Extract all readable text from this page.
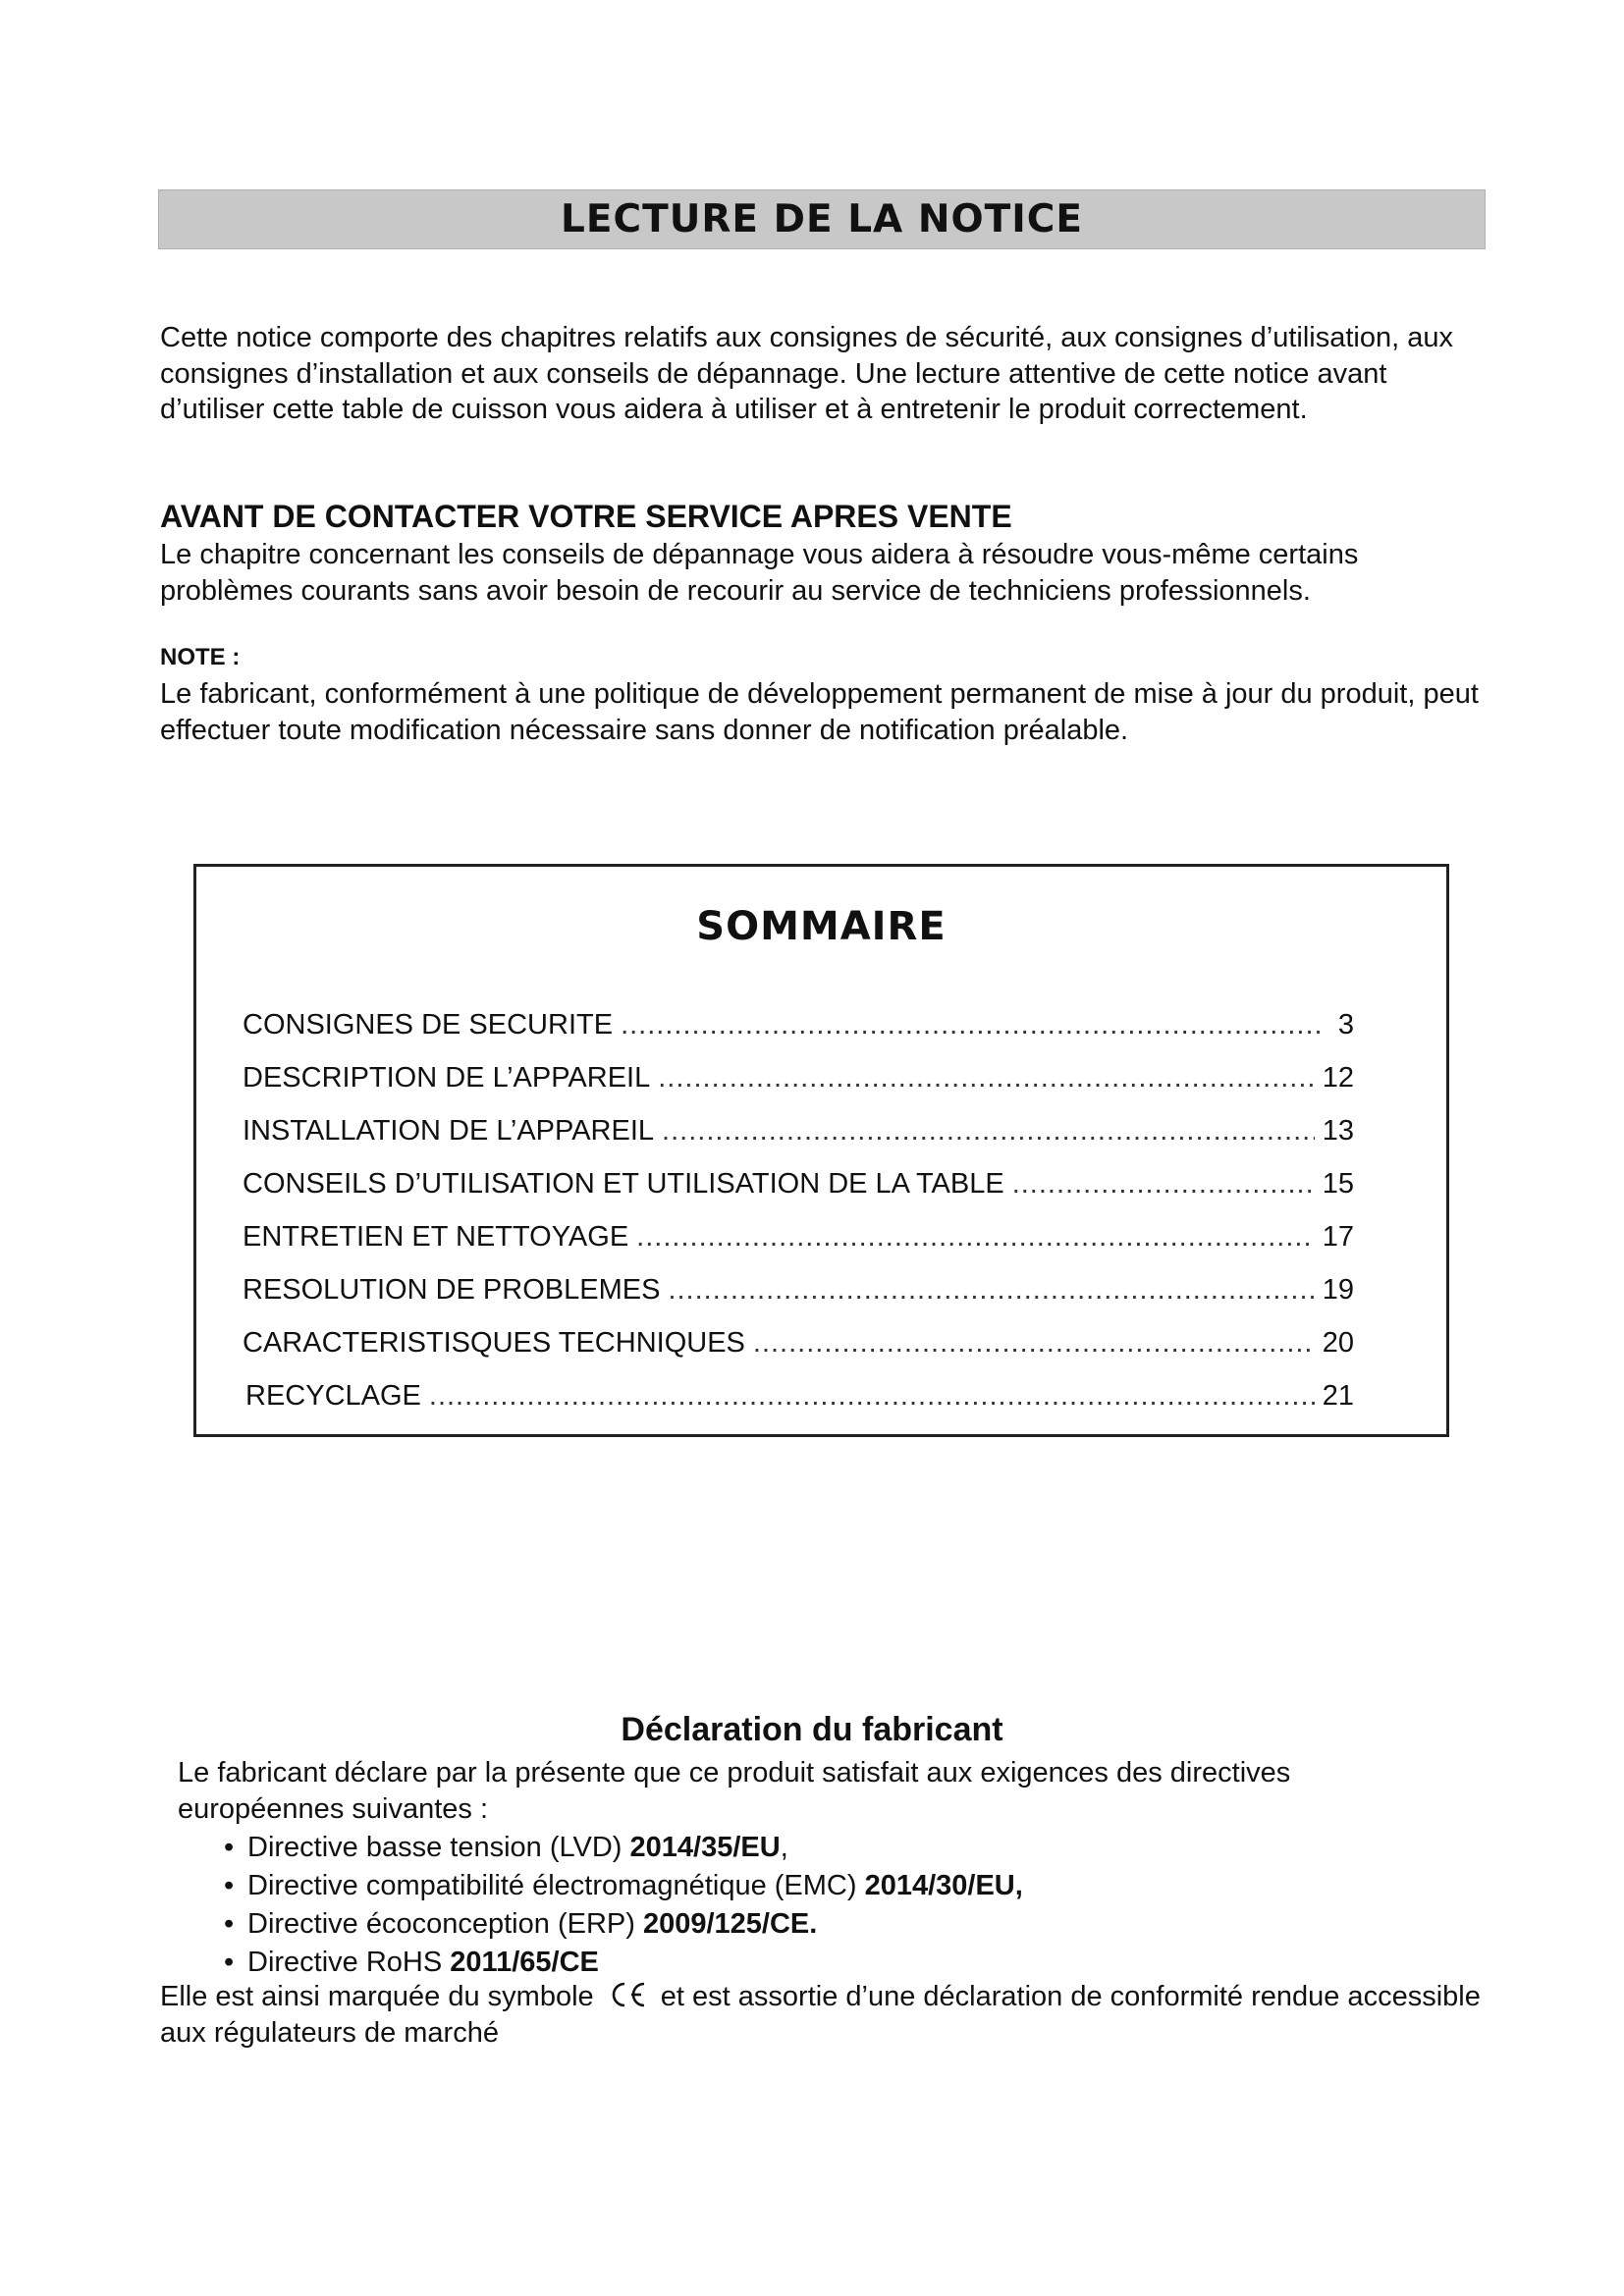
LECTURE DE LA NOTICE

Cette notice comporte des chapitres relatifs aux consignes de sécurité, aux consignes d’utilisation, aux consignes d’installation et aux conseils de dépannage. Une lecture attentive de cette notice avant d’utiliser cette table de cuisson vous aidera à utiliser et à entretenir le produit correctement.

AVANT DE CONTACTER VOTRE SERVICE APRES VENTE

Le chapitre concernant les conseils de dépannage vous aidera à résoudre vous-même certains problèmes courants sans avoir besoin de recourir au service de techniciens professionnels.

NOTE :

Le fabricant, conformément à une politique de développement permanent de mise à jour du produit, peut effectuer toute modification nécessaire sans donner de notification préalable.

SOMMAIRE
CONSIGNES DE SECURITE .....	3
DESCRIPTION DE L’APPAREIL .....	12
INSTALLATION DE L’APPAREIL .....	13
CONSEILS D’UTILISATION ET UTILISATION DE LA TABLE .....	15
ENTRETIEN ET NETTOYAGE .....	17
RESOLUTION DE PROBLEMES .....	19
CARACTERISTISQUES TECHNIQUES .....	20
RECYCLAGE .....	21

Déclaration du fabricant

Le fabricant déclare par la présente que ce produit satisfait aux exigences des directives européennes suivantes :

• Directive basse tension (LVD) 2014/35/EU,
• Directive compatibilité électromagnétique (EMC) 2014/30/EU,
• Directive écoconception (ERP) 2009/125/CE.
• Directive RoHS 2011/65/CE

Elle est ainsi marquée du symbole et est assortie d’une déclaration de conformité rendue accessible aux régulateurs de marché
